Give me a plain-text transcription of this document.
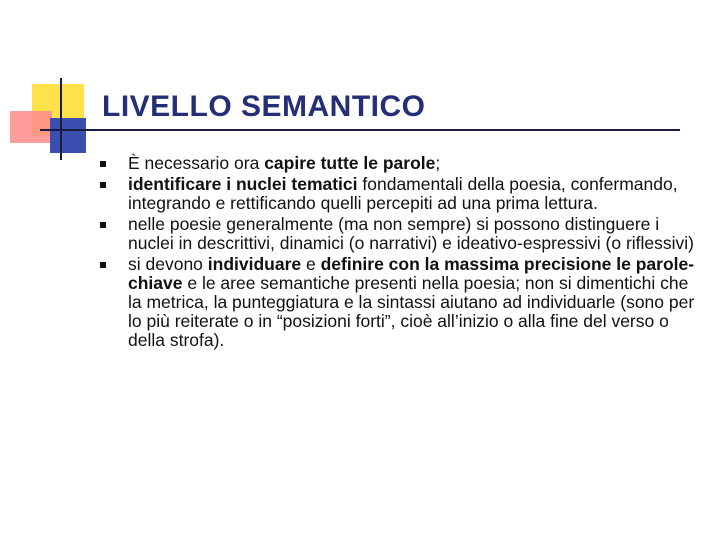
LIVELLO SEMANTICO
È necessario ora capire tutte le parole;
identificare i nuclei tematici fondamentali della poesia, confermando, integrando e rettificando quelli percepiti ad una prima lettura.
nelle poesie generalmente (ma non sempre) si possono distinguere i nuclei in descrittivi, dinamici (o narrativi) e ideativo-espressivi (o riflessivi)
si devono individuare e definire con la massima precisione le parole-chiave e le aree semantiche presenti nella poesia; non si dimentichi che la metrica, la punteggiatura e la sintassi aiutano ad individuarle (sono per lo più reiterate o in “posizioni forti”, cioè all’inizio o alla fine del verso o della strofa).
